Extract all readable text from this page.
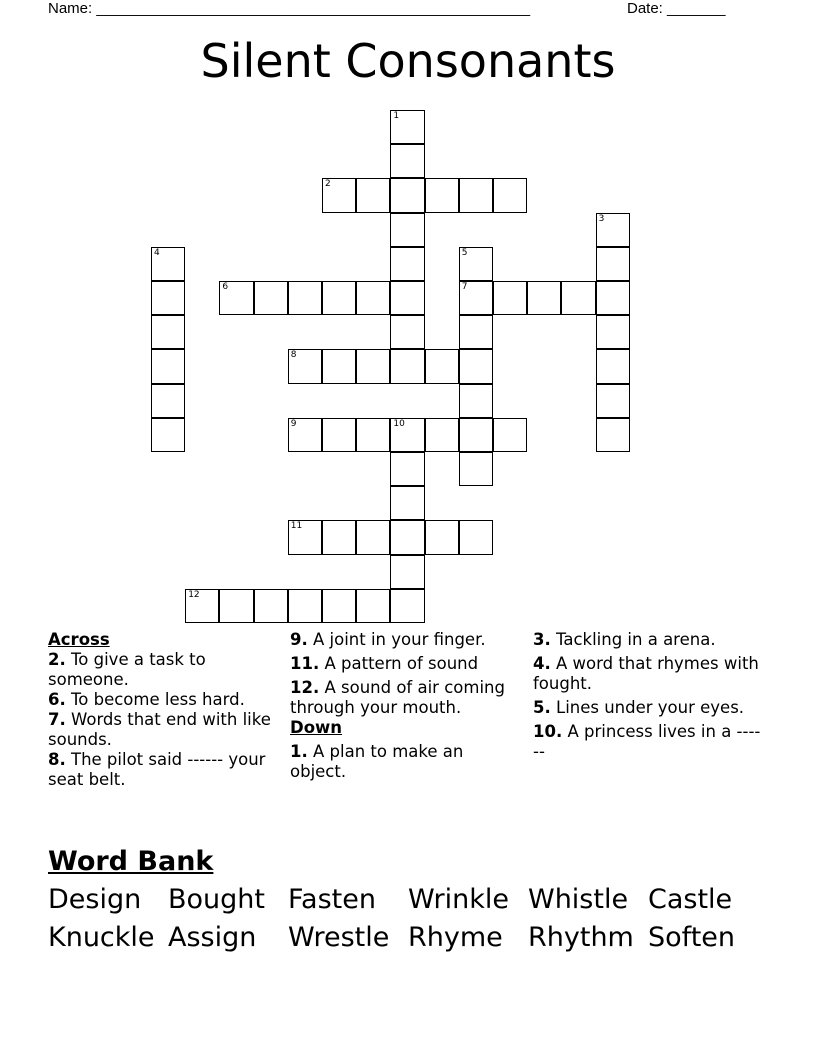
Name: ____________________________________________________	Date: _______
Silent Consonants
1
2
3
4	5
7
6
8
9	10
11
12

Across

2. To give a task to someone.

6. To become less hard.

7. Words that end with like sounds.

8. The pilot said ------ your seat belt.

9. A joint in your finger.

11. A pattern of sound

12. A sound of air coming through your mouth.

Down

1. A plan to make an object.

3. Tackling in a arena.

4. A word that rhymes with fought.

5. Lines under your eyes.

10. A princess lives in a ------

Word Bank
Design Bought Fasten	Wrinkle Whistle Castle
Knuckle Assign	Wrestle Rhyme Rhythm Soften
